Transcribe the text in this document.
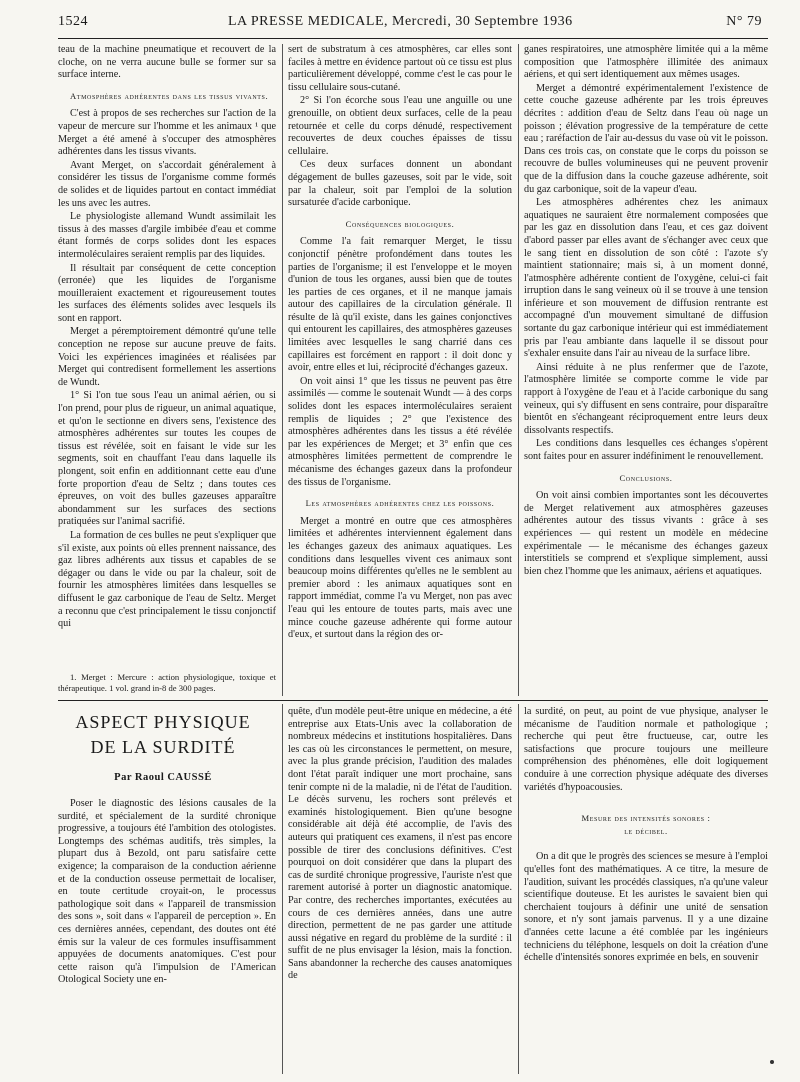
1524	LA PRESSE MEDICALE, Mercredi, 30 Septembre 1936	N° 79

teau de la machine pneumatique et recouvert de la cloche, on ne verra aucune bulle se former sur sa surface interne.

Atmosphères adhérentes dans les tissus vivants.

C'est à propos de ses recherches sur l'action de la vapeur de mercure sur l'homme et les animaux ¹ que Merget a été amené à s'occuper des atmosphères adhérentes dans les tissus vivants.

Avant Merget, on s'accordait généralement à considérer les tissus de l'organisme comme formés de solides et de liquides partout en contact immédiat les uns avec les autres.

Le physiologiste allemand Wundt assimilait les tissus à des masses d'argile imbibée d'eau et comme étant formés de corps solides dont les espaces intermoléculaires seraient remplis par des liquides.

Il résultait par conséquent de cette conception (erronée) que les liquides de l'organisme mouilleraient exactement et rigoureusement toutes les surfaces des éléments solides avec lesquels ils sont en rapport.

Merget a péremptoirement démontré qu'une telle conception ne repose sur aucune preuve de faits. Voici les expériences imaginées et réalisées par Merget qui contredisent formellement les assertions de Wundt.

1° Si l'on tue sous l'eau un animal aérien, ou si l'on prend, pour plus de rigueur, un animal aquatique, et qu'on le sectionne en divers sens, l'existence des atmosphères adhérentes sur toutes les coupes de tissus est révélée, soit en faisant le vide sur les segments, soit en chauffant l'eau dans laquelle ils plongent, soit enfin en additionnant cette eau d'une forte proportion d'eau de Seltz ; dans toutes ces épreuves, on voit des bulles gazeuses apparaître abondamment sur les surfaces des sections pratiquées sur l'animal sacrifié.

La formation de ces bulles ne peut s'expliquer que s'il existe, aux points où elles prennent naissance, des gaz libres adhérents aux tissus et capables de se dégager ou dans le vide ou par la chaleur, soit de fournir les atmosphères limitées dans lesquelles se diffusent le gaz carbonique de l'eau de Seltz. Merget a reconnu que c'est principalement le tissu conjonctif qui

1. Merget : Mercure : action physiologique, toxique et thérapeutique. 1 vol. grand in-8 de 300 pages.

sert de substratum à ces atmosphères, car elles sont faciles à mettre en évidence partout où ce tissu est plus particulièrement développé, comme c'est le cas pour le tissu cellulaire sous-cutané.

2° Si l'on écorche sous l'eau une anguille ou une grenouille, on obtient deux surfaces, celle de la peau retournée et celle du corps dénudé, respectivement recouvertes de deux couches épaisses de tissu cellulaire.

Ces deux surfaces donnent un abondant dégagement de bulles gazeuses, soit par le vide, soit par la chaleur, soit par l'emploi de la solution sursaturée d'acide carbonique.

Conséquences biologiques.

Comme l'a fait remarquer Merget, le tissu conjonctif pénètre profondément dans toutes les parties de l'organisme; il est l'enveloppe et le moyen d'union de tous les organes, aussi bien que de toutes les parties de ces organes, et il ne manque jamais autour des capillaires de la circulation générale. Il résulte de là qu'il existe, dans les gaines conjonctives qui entourent les capillaires, des atmosphères gazeuses limitées avec lesquelles le sang charrié dans ces capillaires est forcément en rapport : il doit donc y avoir, entre elles et lui, réciprocité d'échanges gazeux.

On voit ainsi 1° que les tissus ne peuvent pas être assimilés — comme le soutenait Wundt — à des corps solides dont les espaces intermoléculaires seraient remplis de liquides ; 2° que l'existence des atmosphères adhérentes dans les tissus a été révélée par les expériences de Merget; et 3° enfin que ces atmosphères limitées permettent de comprendre le mécanisme des échanges gazeux dans la profondeur des tissus de l'organisme.

Les atmosphères adhérentes chez les poissons.

Merget a montré en outre que ces atmosphères limitées et adhérentes interviennent également dans les échanges gazeux des animaux aquatiques. Les conditions dans lesquelles vivent ces animaux sont beaucoup moins différentes qu'elles ne le semblent au premier abord : les animaux aquatiques sont en rapport immédiat, comme l'a vu Merget, non pas avec l'eau qui les entoure de toutes parts, mais avec une mince couche gazeuse adhérente qui forme autour d'eux, et surtout dans la région des or-

ganes respiratoires, une atmosphère limitée qui a la même composition que l'atmosphère illimitée des animaux aériens, et qui sert identiquement aux mêmes usages.

Merget a démontré expérimentalement l'existence de cette couche gazeuse adhérente par les trois épreuves décrites : addition d'eau de Seltz dans l'eau où nage un poisson ; élévation progressive de la température de cette eau ; raréfaction de l'air au-dessus du vase où vit le poisson. Dans ces trois cas, on constate que le corps du poisson se recouvre de bulles volumineuses qui ne peuvent provenir que de la diffusion dans la couche gazeuse adhérente, soit du gaz carbonique, soit de la vapeur d'eau.

Les atmosphères adhérentes chez les animaux aquatiques ne sauraient être normalement composées que par les gaz en dissolution dans l'eau, et ces gaz doivent d'abord passer par elles avant de s'échanger avec ceux que le sang tient en dissolution de son côté : l'azote s'y maintient stationnaire; mais si, à un moment donné, l'atmosphère adhérente contient de l'oxygène, celui-ci fait irruption dans le sang veineux où il se trouve à une tension inférieure et son mouvement de diffusion rentrante est accompagné d'un mouvement simultané de diffusion sortante du gaz carbonique intérieur qui est immédiatement pris par l'eau ambiante dans laquelle il se dissout pour s'exhaler ensuite dans l'air au niveau de la surface libre.

Ainsi réduite à ne plus renfermer que de l'azote, l'atmosphère limitée se comporte comme le vide par rapport à l'oxygène de l'eau et à l'acide carbonique du sang veineux, qui s'y diffusent en sens contraire, pour disparaître bientôt en s'échangeant réciproquement entre leurs deux dissolvants respectifs.

Les conditions dans lesquelles ces échanges s'opèrent sont faites pour en assurer indéfiniment le renouvellement.

Conclusions.

On voit ainsi combien importantes sont les découvertes de Merget relativement aux atmosphères gazeuses adhérentes autour des tissus vivants : grâce à ses expériences — qui restent un modèle en médecine expérimentale — le mécanisme des échanges gazeux interstitiels se comprend et s'explique simplement, aussi bien chez l'homme que les animaux, aériens et aquatiques.

ASPECT PHYSIQUE
DE LA SURDITÉ
Par Raoul CAUSSÉ

Poser le diagnostic des lésions causales de la surdité, et spécialement de la surdité chronique progressive, a toujours été l'ambition des otologistes. Longtemps des schémas auditifs, très simples, la plupart dus à Bezold, ont paru satisfaire cette exigence; la comparaison de la conduction aérienne et de la conduction osseuse permettait de localiser, en toute certitude croyait-on, le processus pathologique soit dans « l'appareil de transmission des sons », soit dans « l'appareil de perception ». En ces dernières années, cependant, des doutes ont été émis sur la valeur de ces formules insuffisamment appuyées de documents anatomiques. C'est pour cette raison qu'à l'impulsion de l'American Otological Society une en-

quête, d'un modèle peut-être unique en médecine, a été entreprise aux Etats-Unis avec la collaboration de nombreux médecins et institutions hospitalières. Dans les cas où les circonstances le permettent, on mesure, avec la plus grande précision, l'audition des malades dont l'état paraît indiquer une mort prochaine, sans tenir compte ni de la maladie, ni de l'état de l'audition. Le décès survenu, les rochers sont prélevés et examinés histologiquement. Bien qu'une besogne considérable ait déjà été accomplie, de l'avis des auteurs qui pratiquent ces examens, il n'est pas encore possible de tirer des conclusions définitives. C'est pourquoi on doit considérer que dans la plupart des cas de surdité chronique progressive, l'auriste n'est que rarement autorisé à porter un diagnostic anatomique. Par contre, des recherches importantes, exécutées au cours de ces dernières années, dans une autre direction, permettent de ne pas garder une attitude aussi négative en regard du problème de la surdité : il suffit de ne plus envisager la lésion, mais la fonction. Sans abandonner la recherche des causes anatomiques de

la surdité, on peut, au point de vue physique, analyser le mécanisme de l'audition normale et pathologique ; recherche qui peut être fructueuse, car, outre les satisfactions que procure toujours une meilleure compréhension des phénomènes, elle doit logiquement conduire à une correction physique adéquate des diverses variétés d'hypoacousies.

Mesure des intensités sonores :
le décibel.

On a dit que le progrès des sciences se mesure à l'emploi qu'elles font des mathématiques. A ce titre, la mesure de l'audition, suivant les procédés classiques, n'a qu'une valeur scientifique douteuse. Et les auristes le savaient bien qui cherchaient toujours à définir une unité de sensation sonore, et n'y sont jamais parvenus. Il y a une dizaine d'années cette lacune a été comblée par les ingénieurs techniciens du téléphone, lesquels on doit la création d'une échelle d'intensités sonores exprimée en bels, en souvenir
